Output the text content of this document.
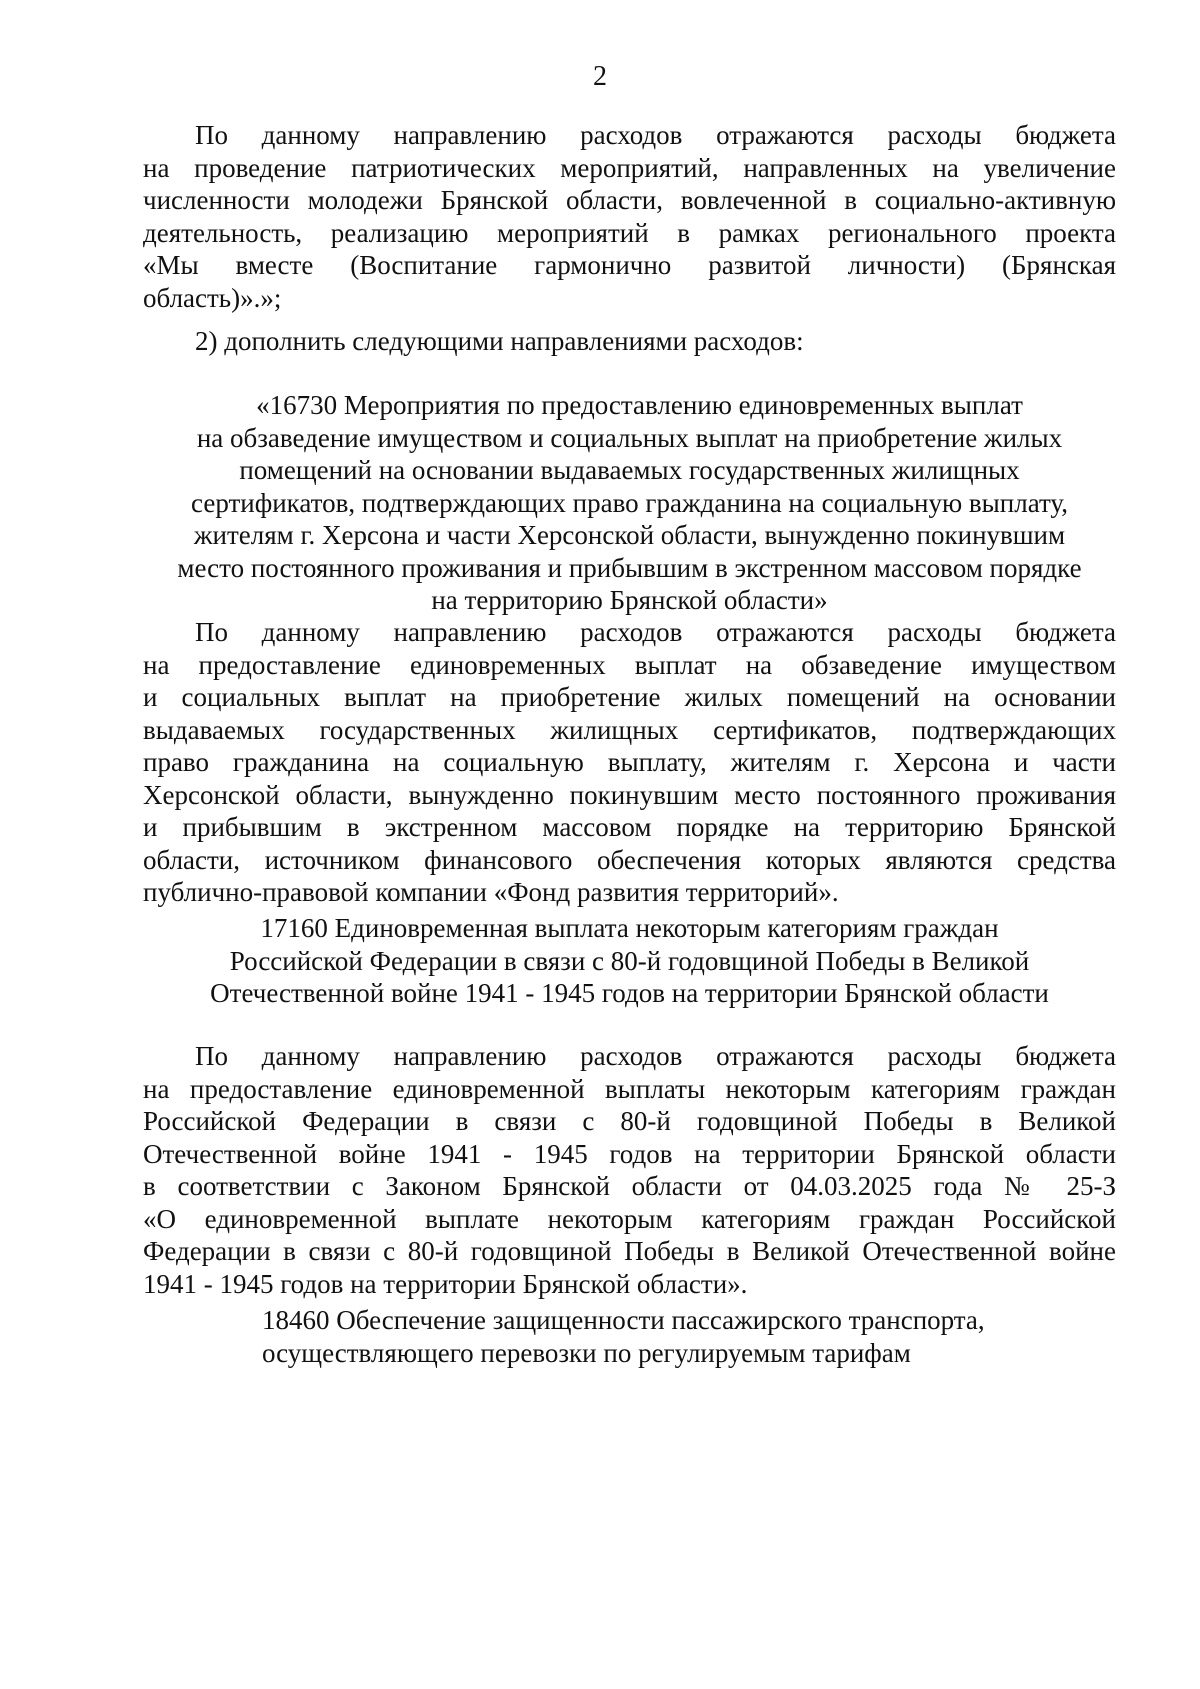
2
По данному направлению расходов отражаются расходы бюджета
на проведение патриотических мероприятий, направленных на увеличение
численности молодежи Брянской области, вовлеченной в социально-активную
деятельность, реализацию мероприятий в рамках регионального проекта
«Мы вместе (Воспитание гармонично развитой личности) (Брянская
область)».»;
2) дополнить следующими направлениями расходов:
«16730 Мероприятия по предоставлению единовременных выплат
на обзаведение имуществом и социальных выплат на приобретение жилых
помещений на основании выдаваемых государственных жилищных
сертификатов, подтверждающих право гражданина на социальную выплату,
жителям г. Херсона и части Херсонской области, вынужденно покинувшим
место постоянного проживания и прибывшим в экстренном массовом порядке
на территорию Брянской области»
По данному направлению расходов отражаются расходы бюджета
на предоставление единовременных выплат на обзаведение имуществом
и социальных выплат на приобретение жилых помещений на основании
выдаваемых государственных жилищных сертификатов, подтверждающих
право гражданина на социальную выплату, жителям г. Херсона и части
Херсонской области, вынужденно покинувшим место постоянного проживания
и прибывшим в экстренном массовом порядке на территорию Брянской
области, источником финансового обеспечения которых являются средства
публично-правовой компании «Фонд развития территорий».
17160 Единовременная выплата некоторым категориям граждан
Российской Федерации в связи с 80-й годовщиной Победы в Великой
Отечественной войне 1941 - 1945 годов на территории Брянской области
По данному направлению расходов отражаются расходы бюджета
на предоставление единовременной выплаты некоторым категориям граждан
Российской Федерации в связи с 80-й годовщиной Победы в Великой
Отечественной войне 1941 - 1945 годов на территории Брянской области
в соответствии с Законом Брянской области от 04.03.2025 года № 25-З
«О единовременной выплате некоторым категориям граждан Российской
Федерации в связи с 80-й годовщиной Победы в Великой Отечественной войне
1941 - 1945 годов на территории Брянской области».
18460 Обеспечение защищенности пассажирского транспорта,
осуществляющего перевозки по регулируемым тарифам
